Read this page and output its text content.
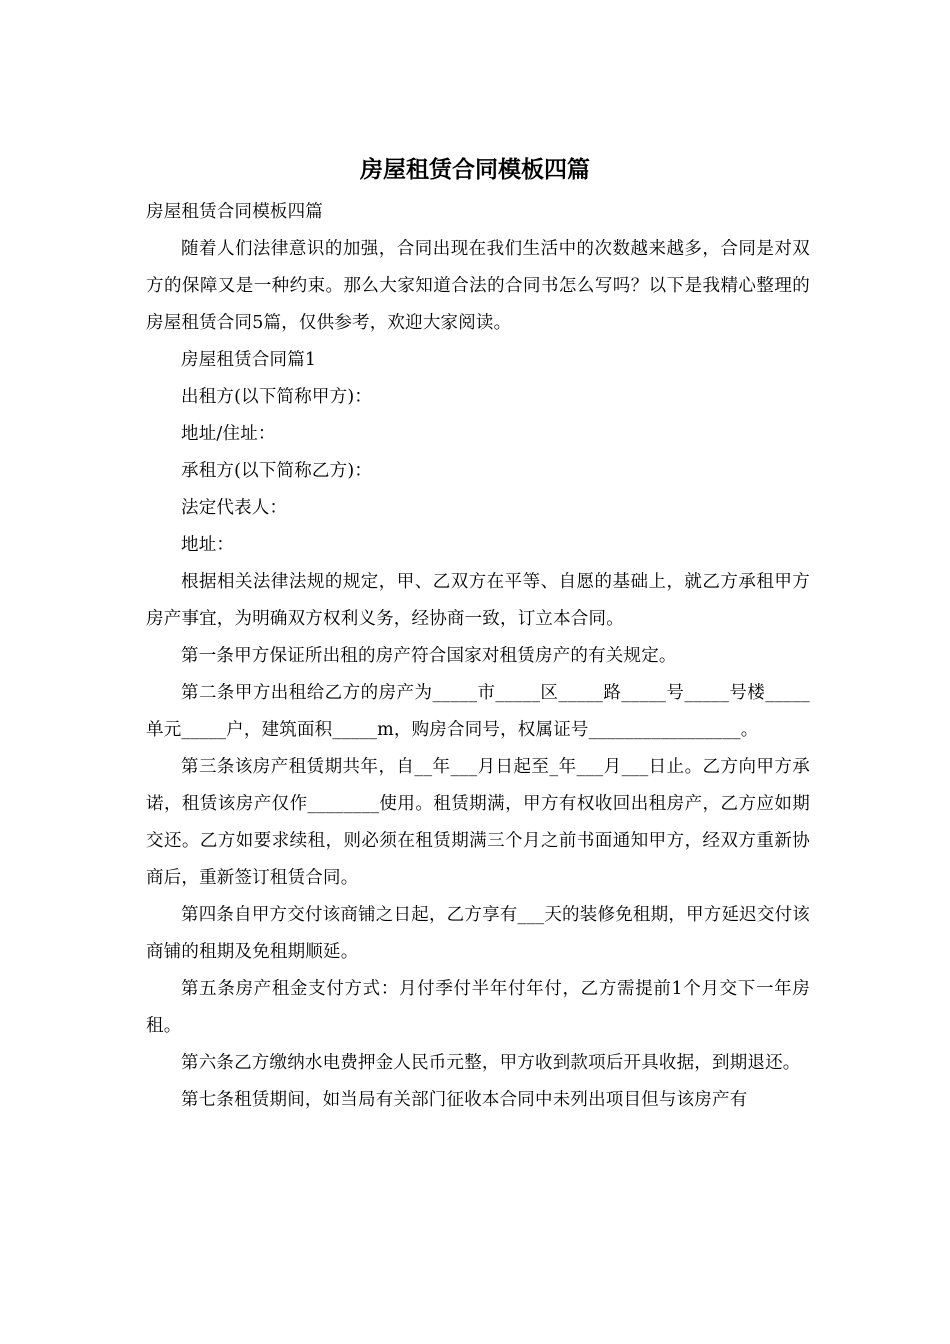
房屋租赁合同模板四篇

房屋租赁合同模板四篇

随着人们法律意识的加强，合同出现在我们生活中的次数越来越多，合同是对双方的保障又是一种约束。那么大家知道合法的合同书怎么写吗？以下是我精心整理的房屋租赁合同5篇，仅供参考，欢迎大家阅读。

房屋租赁合同篇1

出租方(以下简称甲方)：

地址/住址：

承租方(以下简称乙方)：

法定代表人：

地址：

根据相关法律法规的规定，甲、乙双方在平等、自愿的基础上，就乙方承租甲方房产事宜，为明确双方权利义务，经协商一致，订立本合同。

第一条甲方保证所出租的房产符合国家对租赁房产的有关规定。

第二条甲方出租给乙方的房产为_____市_____区_____路_____号_____号楼_____单元_____户，建筑面积_____m，购房合同号，权属证号_________________。

第三条该房产租赁期共年，自__年___月日起至_年___月___日止。乙方向甲方承诺，租赁该房产仅作________使用。租赁期满，甲方有权收回出租房产，乙方应如期交还。乙方如要求续租，则必须在租赁期满三个月之前书面通知甲方，经双方重新协商后，重新签订租赁合同。

第四条自甲方交付该商铺之日起，乙方享有___天的装修免租期，甲方延迟交付该商铺的租期及免租期顺延。

第五条房产租金支付方式：月付季付半年付年付，乙方需提前1个月交下一年房租。

第六条乙方缴纳水电费押金人民币元整，甲方收到款项后开具收据，到期退还。

第七条租赁期间，如当局有关部门征收本合同中未列出项目但与该房产有
